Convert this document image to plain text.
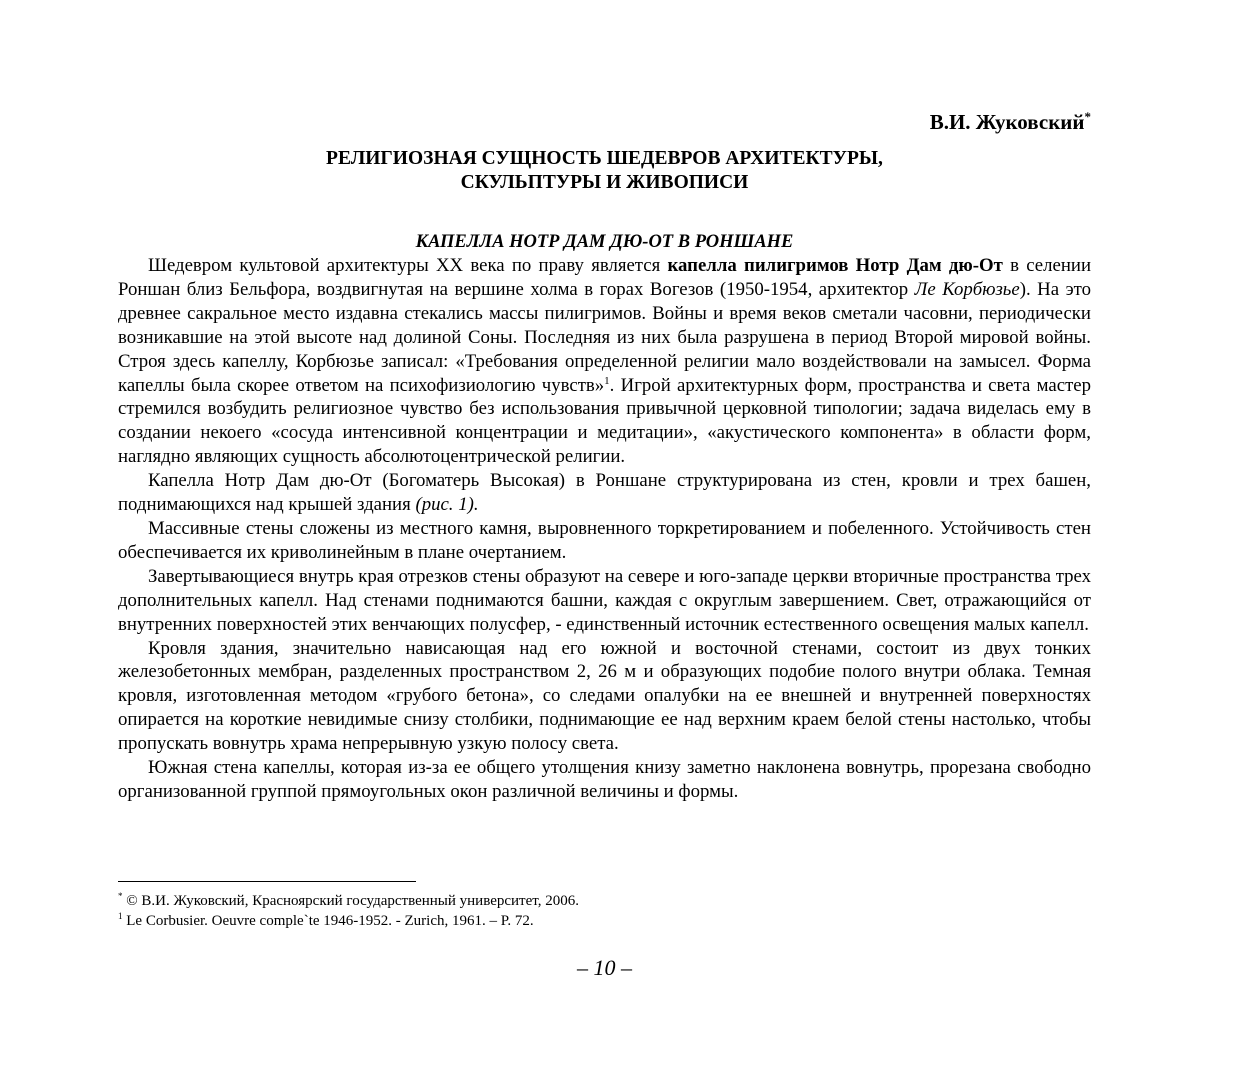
В.И. Жуковский*
РЕЛИГИОЗНАЯ СУЩНОСТЬ ШЕДЕВРОВ АРХИТЕКТУРЫ,
СКУЛЬПТУРЫ И ЖИВОПИСИ
КАПЕЛЛА НОТР ДАМ ДЮ-ОТ В РОНШАНЕ

Шедевром культовой архитектуры XX века по праву является капелла пилигримов Нотр Дам дю-От в селении Роншан близ Бельфора, воздвигнутая на вершине холма в горах Вогезов (1950-1954, архитектор Ле Корбюзье). На это древнее сакральное место издавна стекались массы пилигримов. Войны и время веков сметали часовни, периодически возникавшие на этой высоте над долиной Соны. Последняя из них была разрушена в период Второй мировой войны. Строя здесь капеллу, Корбюзье записал: «Требования определенной религии мало воздействовали на замысел. Форма капеллы была скорее ответом на психофизиологию чувств»$^1$. Игрой архитектурных форм, пространства и света мастер стремился возбудить религиозное чувство без использования привычной церковной типологии; задача виделась ему в создании некоего «сосуда интенсивной концентрации и медитации», «акустического компонента» в области форм, наглядно являющих сущность абсолютоцентрической религии.

Капелла Нотр Дам дю-От (Богоматерь Высокая) в Роншане структурирована из стен, кровли и трех башен, поднимающихся над крышей здания (рис. 1).

Массивные стены сложены из местного камня, выровненного торкретированием и побеленного. Устойчивость стен обеспечивается их криволинейным в плане очертанием.

Завертывающиеся внутрь края отрезков стены образуют на севере и юго-западе церкви вторичные пространства трех дополнительных капелл. Над стенами поднимаются башни, каждая с округлым завершением. Свет, отражающийся от внутренних поверхностей этих венчающих полусфер, - единственный источник естественного освещения малых капелл.

Кровля здания, значительно нависающая над его южной и восточной стенами, состоит из двух тонких железобетонных мембран, разделенных пространством 2, 26 м и образующих подобие полого внутри облака. Темная кровля, изготовленная методом «грубого бетона», со следами опалубки на ее внешней и внутренней поверхностях опирается на короткие невидимые снизу столбики, поднимающие ее над верхним краем белой стены настолько, чтобы пропускать вовнутрь храма непрерывную узкую полосу света.

Южная стена капеллы, которая из-за ее общего утолщения книзу заметно наклонена вовнутрь, прорезана свободно организованной группой прямоугольных окон различной величины и формы.

* © В.И. Жуковский, Красноярский государственный университет, 2006.

$^1$ Le Corbusier. Oeuvre comple`te 1946-1952. - Zurich, 1961. – P. 72.

– 10 –
